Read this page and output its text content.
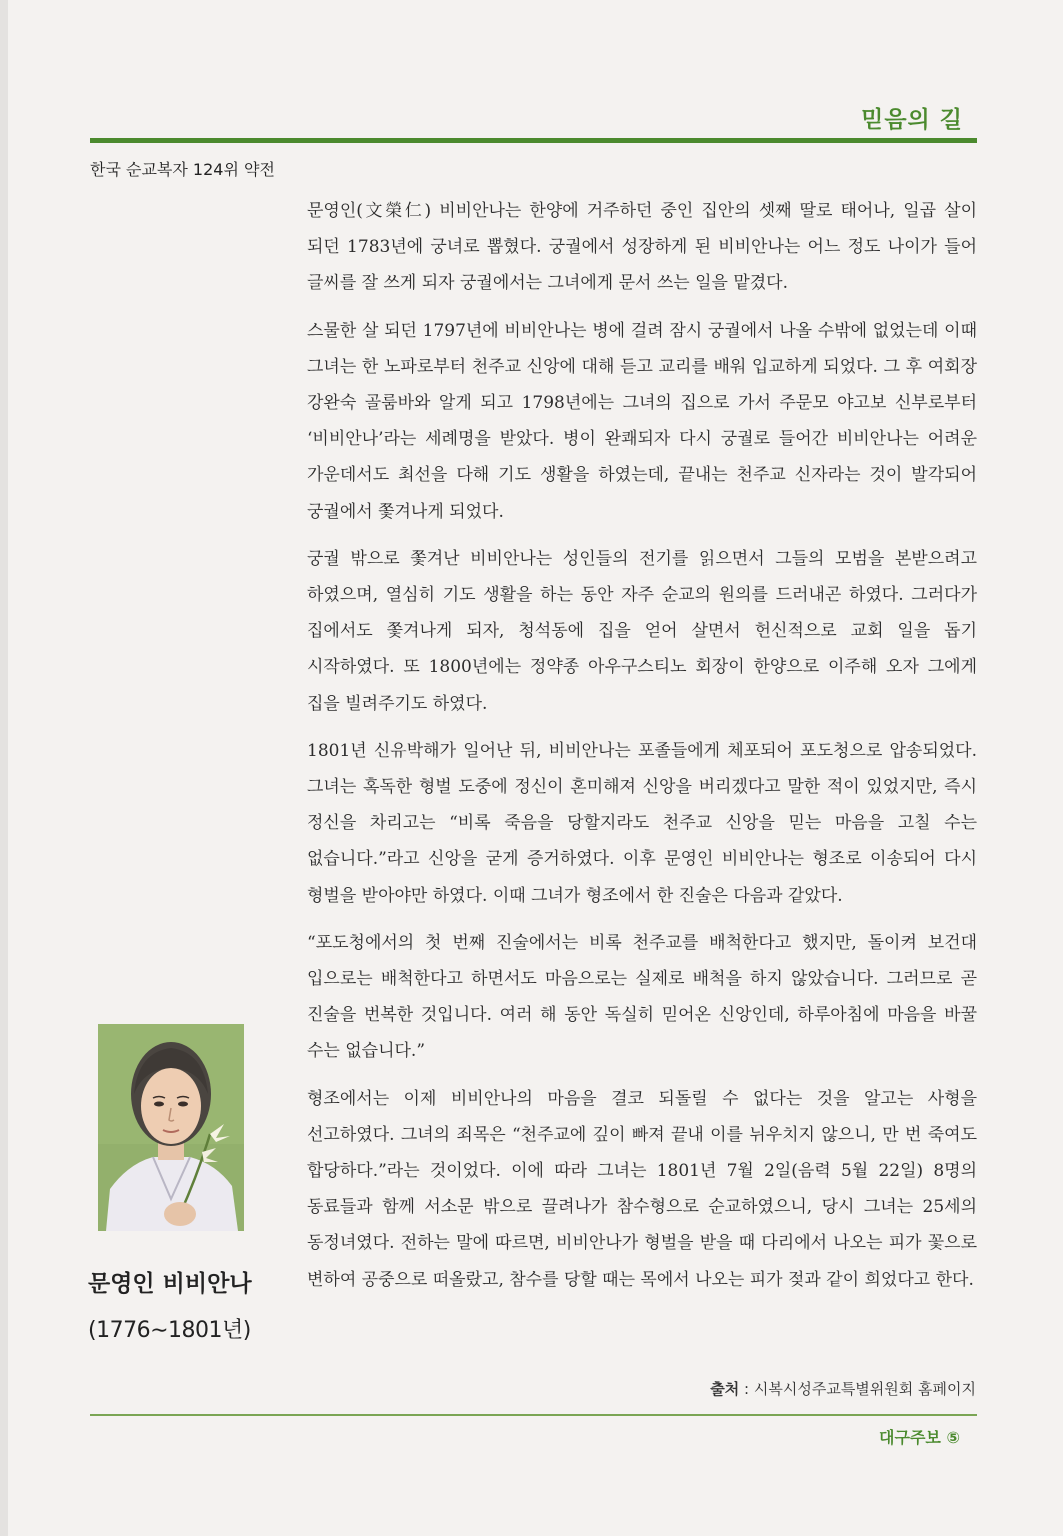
믿음의 길
한국 순교복자 124위 약전

문영인(文榮仁) 비비안나는 한양에 거주하던 중인 집안의 셋째 딸로 태어나, 일곱 살이 되던 1783년에 궁녀로 뽑혔다. 궁궐에서 성장하게 된 비비안나는 어느 정도 나이가 들어 글씨를 잘 쓰게 되자 궁궐에서는 그녀에게 문서 쓰는 일을 맡겼다.

스물한 살 되던 1797년에 비비안나는 병에 걸려 잠시 궁궐에서 나올 수밖에 없었는데 이때 그녀는 한 노파로부터 천주교 신앙에 대해 듣고 교리를 배워 입교하게 되었다. 그 후 여회장 강완숙 골룸바와 알게 되고 1798년에는 그녀의 집으로 가서 주문모 야고보 신부로부터 ‘비비안나’라는 세례명을 받았다. 병이 완쾌되자 다시 궁궐로 들어간 비비안나는 어려운 가운데서도 최선을 다해 기도 생활을 하였는데, 끝내는 천주교 신자라는 것이 발각되어 궁궐에서 쫓겨나게 되었다.

궁궐 밖으로 쫓겨난 비비안나는 성인들의 전기를 읽으면서 그들의 모범을 본받으려고 하였으며, 열심히 기도 생활을 하는 동안 자주 순교의 원의를 드러내곤 하였다. 그러다가 집에서도 쫓겨나게 되자, 청석동에 집을 얻어 살면서 헌신적으로 교회 일을 돕기 시작하였다. 또 1800년에는 정약종 아우구스티노 회장이 한양으로 이주해 오자 그에게 집을 빌려주기도 하였다.

1801년 신유박해가 일어난 뒤, 비비안나는 포졸들에게 체포되어 포도청으로 압송되었다. 그녀는 혹독한 형벌 도중에 정신이 혼미해져 신앙을 버리겠다고 말한 적이 있었지만, 즉시 정신을 차리고는 “비록 죽음을 당할지라도 천주교 신앙을 믿는 마음을 고칠 수는 없습니다.”라고 신앙을 굳게 증거하였다. 이후 문영인 비비안나는 형조로 이송되어 다시 형벌을 받아야만 하였다. 이때 그녀가 형조에서 한 진술은 다음과 같았다.

“포도청에서의 첫 번째 진술에서는 비록 천주교를 배척한다고 했지만, 돌이켜 보건대 입으로는 배척한다고 하면서도 마음으로는 실제로 배척을 하지 않았습니다. 그러므로 곧 진술을 번복한 것입니다. 여러 해 동안 독실히 믿어온 신앙인데, 하루아침에 마음을 바꿀 수는 없습니다.”

형조에서는 이제 비비안나의 마음을 결코 되돌릴 수 없다는 것을 알고는 사형을 선고하였다. 그녀의 죄목은 “천주교에 깊이 빠져 끝내 이를 뉘우치지 않으니, 만 번 죽여도 합당하다.”라는 것이었다. 이에 따라 그녀는 1801년 7월 2일(음력 5월 22일) 8명의 동료들과 함께 서소문 밖으로 끌려나가 참수형으로 순교하였으니, 당시 그녀는 25세의 동정녀였다. 전하는 말에 따르면, 비비안나가 형벌을 받을 때 다리에서 나오는 피가 꽃으로 변하여 공중으로 떠올랐고, 참수를 당할 때는 목에서 나오는 피가 젖과 같이 희었다고 한다.

문영인 비비안나
(1776∼1801년)
출처 : 시복시성주교특별위원회 홈페이지
대구주보 ⑤
